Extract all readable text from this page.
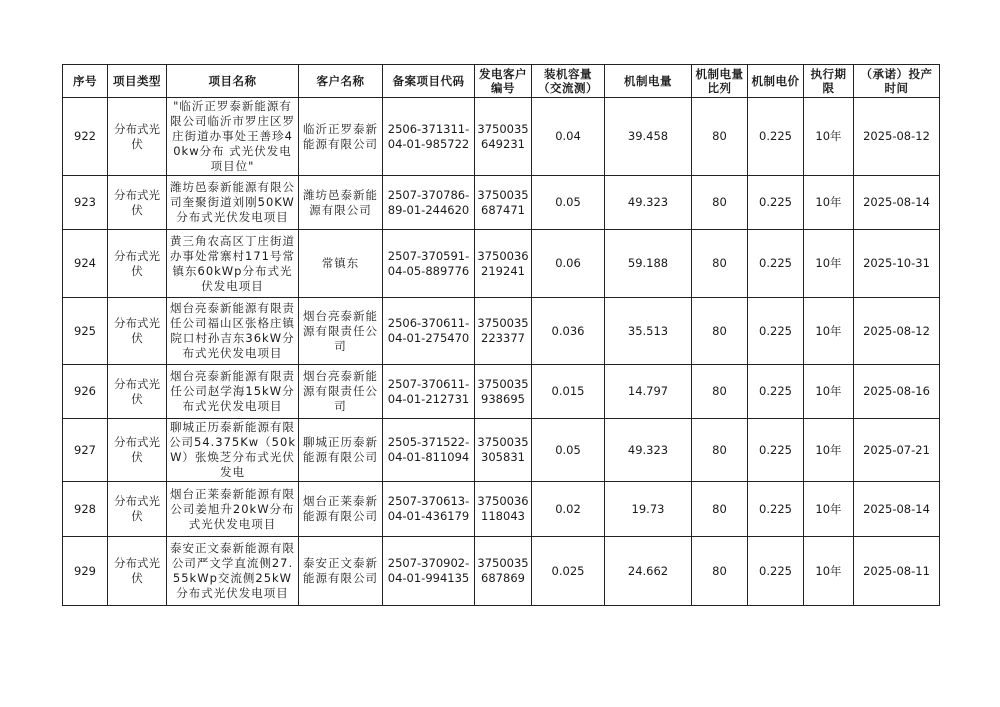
序号	项目类型	项目名称	客户名称	备案项目代码	发电客户编号	装机容量（交流测）	机制电量	机制电量比列	机制电价	执行期限	（承诺）投产时间
922	分布式光伏	"临沂正罗泰新能源有限公司临沂市罗庄区罗庄街道办事处王善珍40kw分布 式光伏发电项目位"	临沂正罗泰新能源有限公司	2506-371311-04-01-985722	3750035649231	0.04	39.458	80	0.225	10年	2025-08-12
923	分布式光伏	潍坊邑泰新能源有限公司奎聚街道刘刚50KW分布式光伏发电项目	潍坊邑泰新能源有限公司	2507-370786-89-01-244620	3750035687471	0.05	49.323	80	0.225	10年	2025-08-14
924	分布式光伏	黄三角农高区丁庄街道办事处常寨村171号常镇东60kWp分布式光伏发电项目	常镇东	2507-370591-04-05-889776	3750036219241	0.06	59.188	80	0.225	10年	2025-10-31
925	分布式光伏	烟台亮泰新能源有限责任公司福山区张格庄镇院口村孙吉东36kW分布式光伏发电项目	烟台亮泰新能源有限责任公司	2506-370611-04-01-275470	3750035223377	0.036	35.513	80	0.225	10年	2025-08-12
926	分布式光伏	烟台亮泰新能源有限责任公司赵学海15kW分布式光伏发电项目	烟台亮泰新能源有限责任公司	2507-370611-04-01-212731	3750035938695	0.015	14.797	80	0.225	10年	2025-08-16
927	分布式光伏	聊城正历泰新能源有限公司54.375Kw（50kW）张焕芝分布式光伏发电	聊城正历泰新能源有限公司	2505-371522-04-01-811094	3750035305831	0.05	49.323	80	0.225	10年	2025-07-21
928	分布式光伏	烟台正莱泰新能源有限公司姜旭升20kW分布式光伏发电项目	烟台正莱泰新能源有限公司	2507-370613-04-01-436179	3750036118043	0.02	19.73	80	0.225	10年	2025-08-14
929	分布式光伏	泰安正文泰新能源有限公司严文学直流侧27.55kWp交流侧25kW分布式光伏发电项目	泰安正文泰新能源有限公司	2507-370902-04-01-994135	3750035687869	0.025	24.662	80	0.225	10年	2025-08-11
